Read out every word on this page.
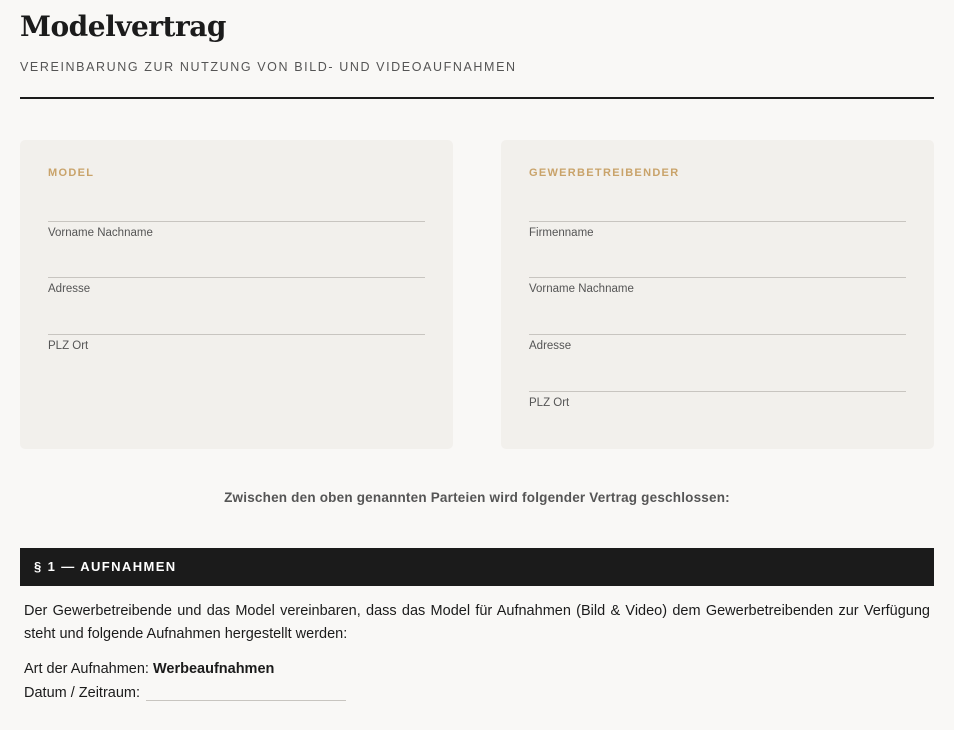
Modelvertrag
VEREINBARUNG ZUR NUTZUNG VON BILD- UND VIDEOAUFNAHMEN
MODEL
Vorname Nachname
Adresse
PLZ Ort
GEWERBETREIBENDER
Firmenname
Vorname Nachname
Adresse
PLZ Ort
Zwischen den oben genannten Parteien wird folgender Vertrag geschlossen:
§ 1 — AUFNAHMEN
Der Gewerbetreibende und das Model vereinbaren, dass das Model für Aufnahmen (Bild & Video) dem Gewerbetreibenden zur Verfügung steht und folgende Aufnahmen hergestellt werden:
Art der Aufnahmen: Werbeaufnahmen
Datum / Zeitraum:
